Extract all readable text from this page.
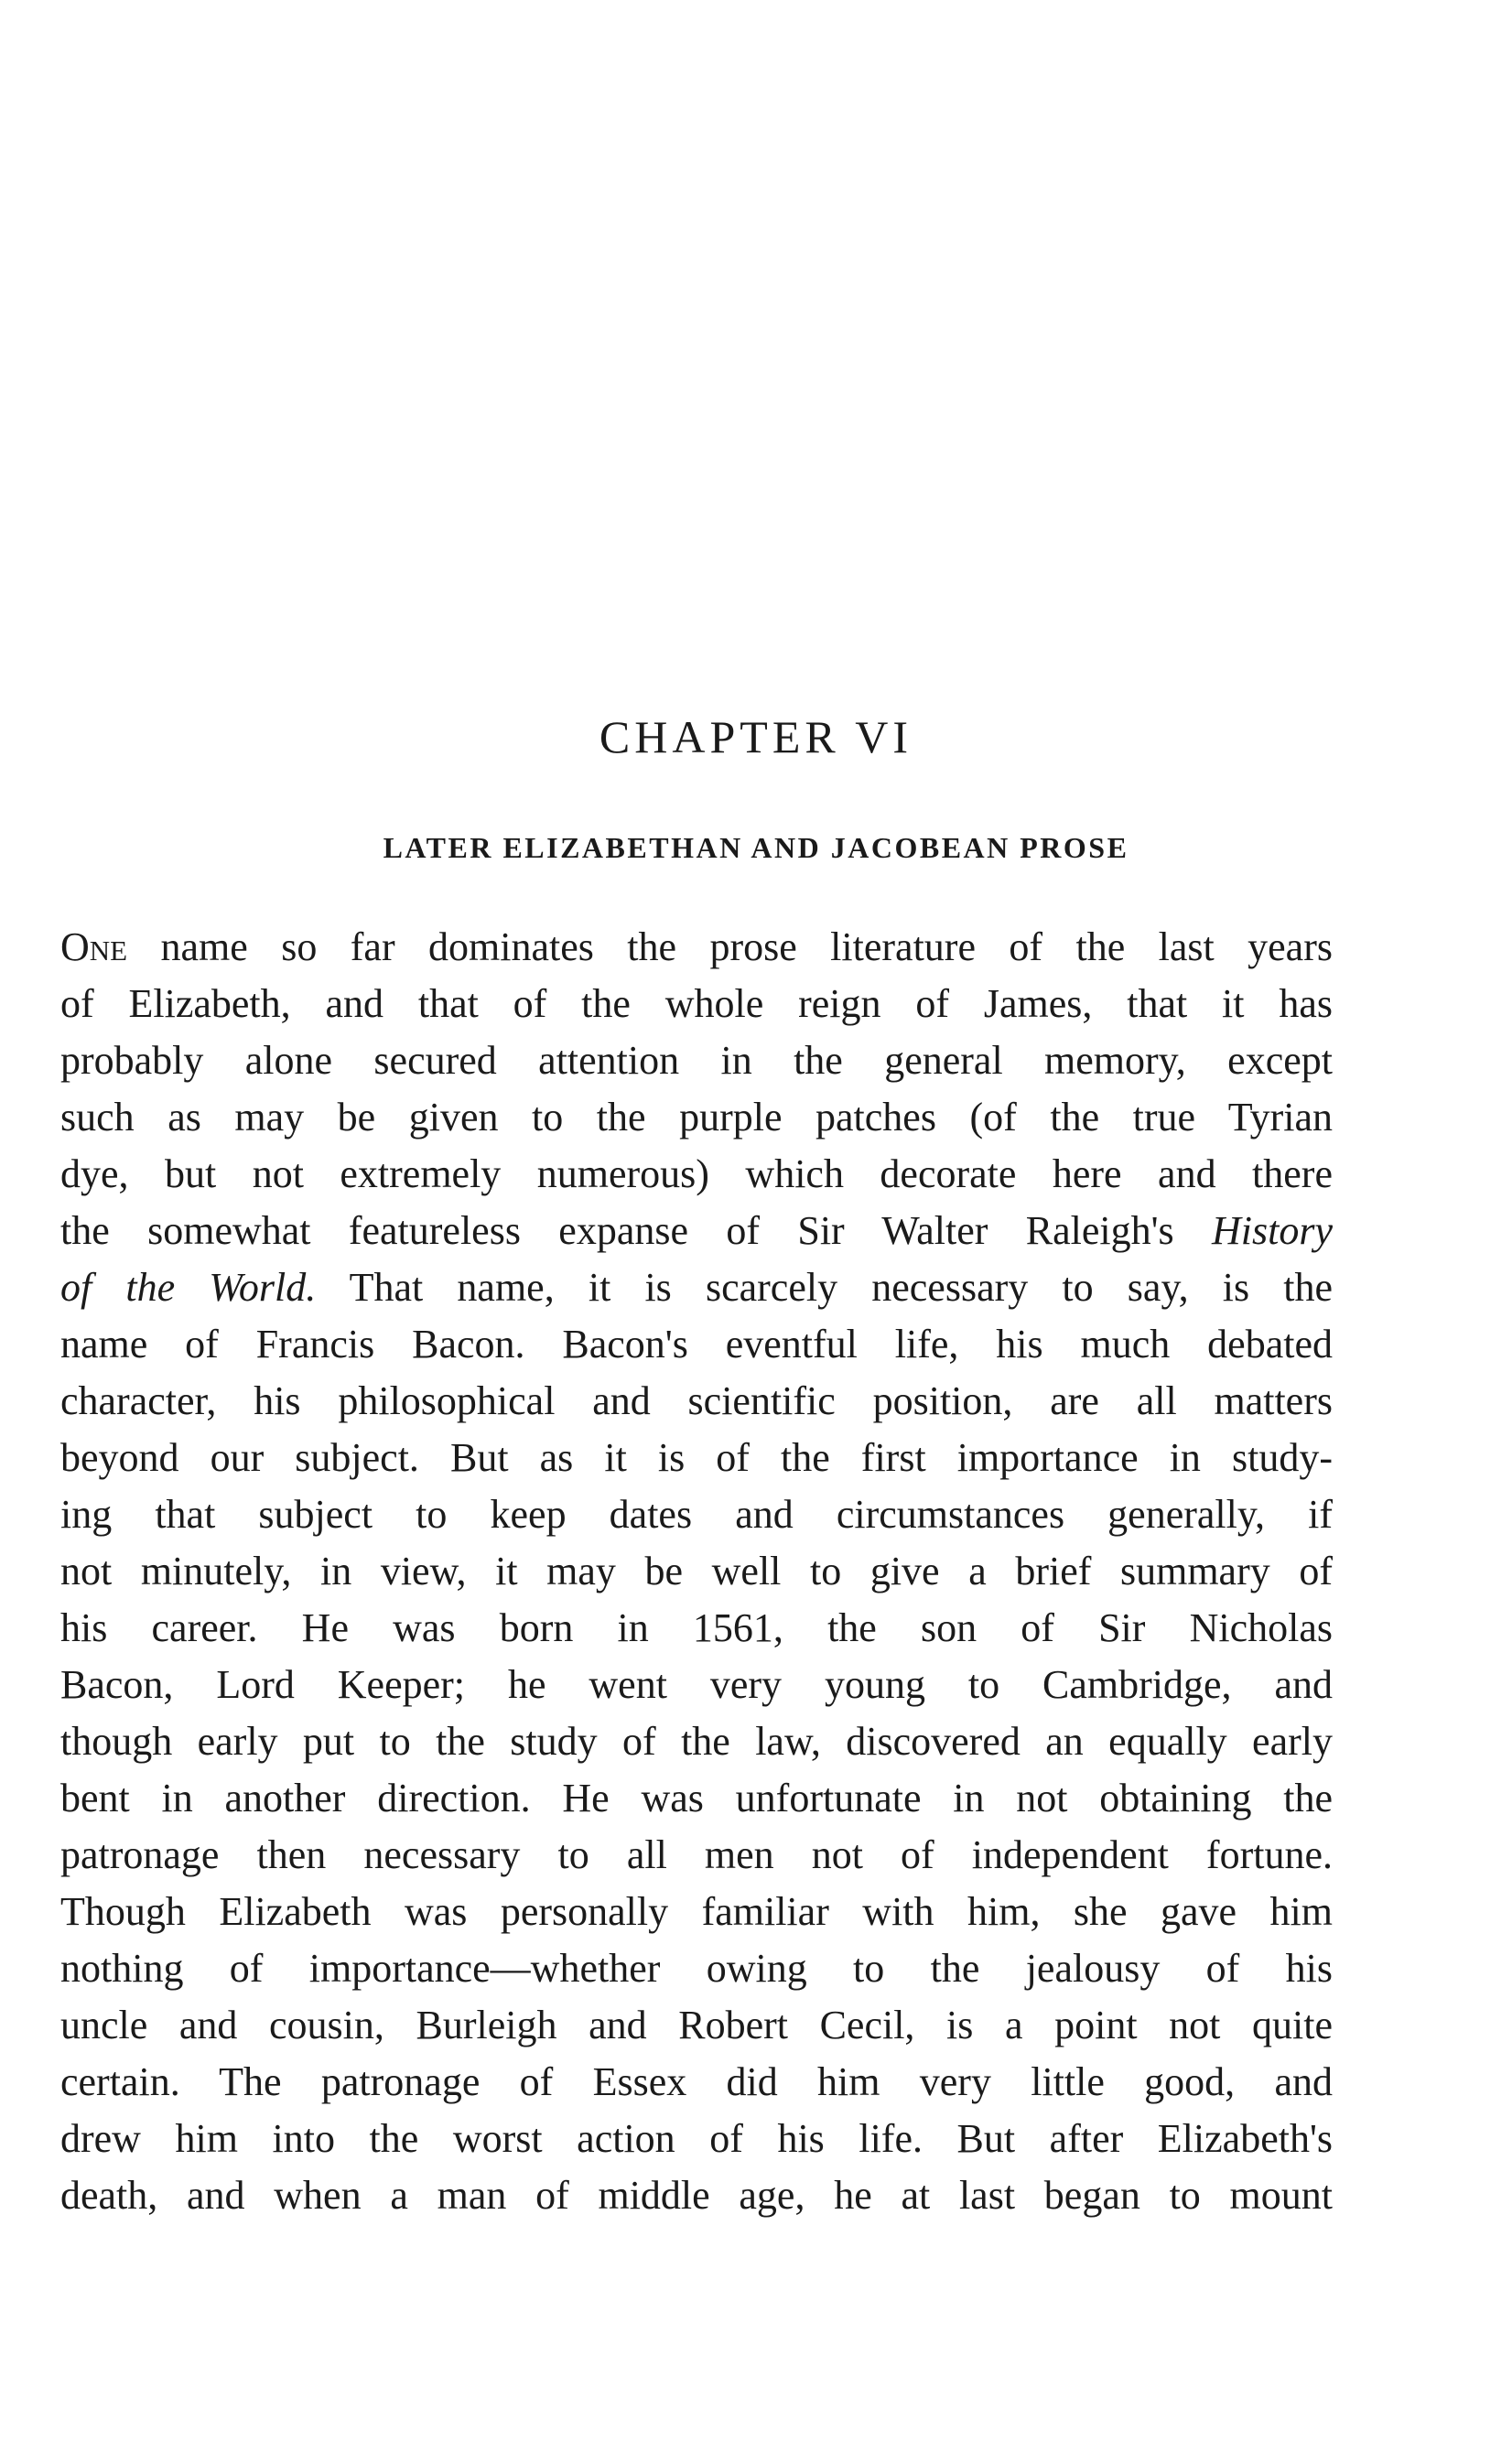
CHAPTER VI
LATER ELIZABETHAN AND JACOBEAN PROSE
One name so far dominates the prose literature of the last years
of Elizabeth, and that of the whole reign of James, that it has
probably alone secured attention in the general memory, except
such as may be given to the purple patches (of the true Tyrian
dye, but not extremely numerous) which decorate here and there
the somewhat featureless expanse of Sir Walter Raleigh's History
of the World. That name, it is scarcely necessary to say, is the
name of Francis Bacon. Bacon's eventful life, his much debated
character, his philosophical and scientific position, are all matters
beyond our subject. But as it is of the first importance in study-
ing that subject to keep dates and circumstances generally, if
not minutely, in view, it may be well to give a brief summary of
his career. He was born in 1561, the son of Sir Nicholas
Bacon, Lord Keeper; he went very young to Cambridge, and
though early put to the study of the law, discovered an equally early
bent in another direction. He was unfortunate in not obtaining the
patronage then necessary to all men not of independent fortune.
Though Elizabeth was personally familiar with him, she gave him
nothing of importance—whether owing to the jealousy of his
uncle and cousin, Burleigh and Robert Cecil, is a point not quite
certain. The patronage of Essex did him very little good, and
drew him into the worst action of his life. But after Elizabeth's
death, and when a man of middle age, he at last began to mount
